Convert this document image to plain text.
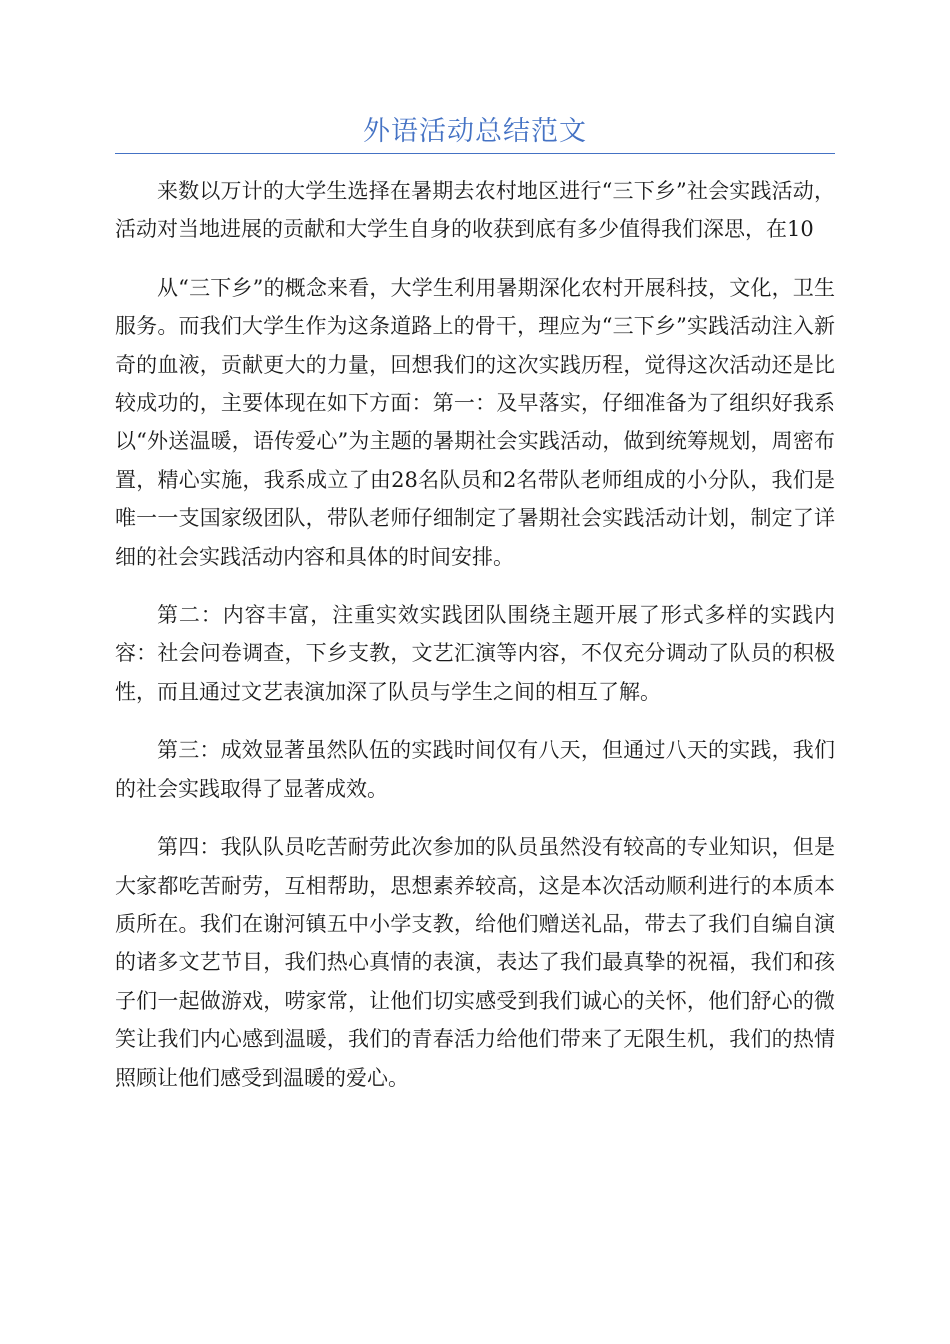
外语活动总结范文

来数以万计的大学生选择在暑期去农村地区进行“三下乡”社会实践活动，活动对当地进展的贡献和大学生自身的收获到底有多少值得我们深思，在10

从“三下乡”的概念来看，大学生利用暑期深化农村开展科技，文化，卫生服务。而我们大学生作为这条道路上的骨干，理应为“三下乡”实践活动注入新奇的血液，贡献更大的力量，回想我们的这次实践历程，觉得这次活动还是比较成功的，主要体现在如下方面：第一：及早落实，仔细准备为了组织好我系以“外送温暖，语传爱心”为主题的暑期社会实践活动，做到统筹规划，周密布置，精心实施，我系成立了由28名队员和2名带队老师组成的小分队，我们是唯一一支国家级团队，带队老师仔细制定了暑期社会实践活动计划，制定了详细的社会实践活动内容和具体的时间安排。

第二：内容丰富，注重实效实践团队围绕主题开展了形式多样的实践内容：社会问卷调查，下乡支教，文艺汇演等内容，不仅充分调动了队员的积极性，而且通过文艺表演加深了队员与学生之间的相互了解。

第三：成效显著虽然队伍的实践时间仅有八天，但通过八天的实践，我们的社会实践取得了显著成效。

第四：我队队员吃苦耐劳此次参加的队员虽然没有较高的专业知识，但是大家都吃苦耐劳，互相帮助，思想素养较高，这是本次活动顺利进行的本质本质所在。我们在谢河镇五中小学支教，给他们赠送礼品，带去了我们自编自演的诸多文艺节目，我们热心真情的表演，表达了我们最真挚的祝福，我们和孩子们一起做游戏，唠家常，让他们切实感受到我们诚心的关怀，他们舒心的微笑让我们内心感到温暖，我们的青春活力给他们带来了无限生机，我们的热情照顾让他们感受到温暖的爱心。
